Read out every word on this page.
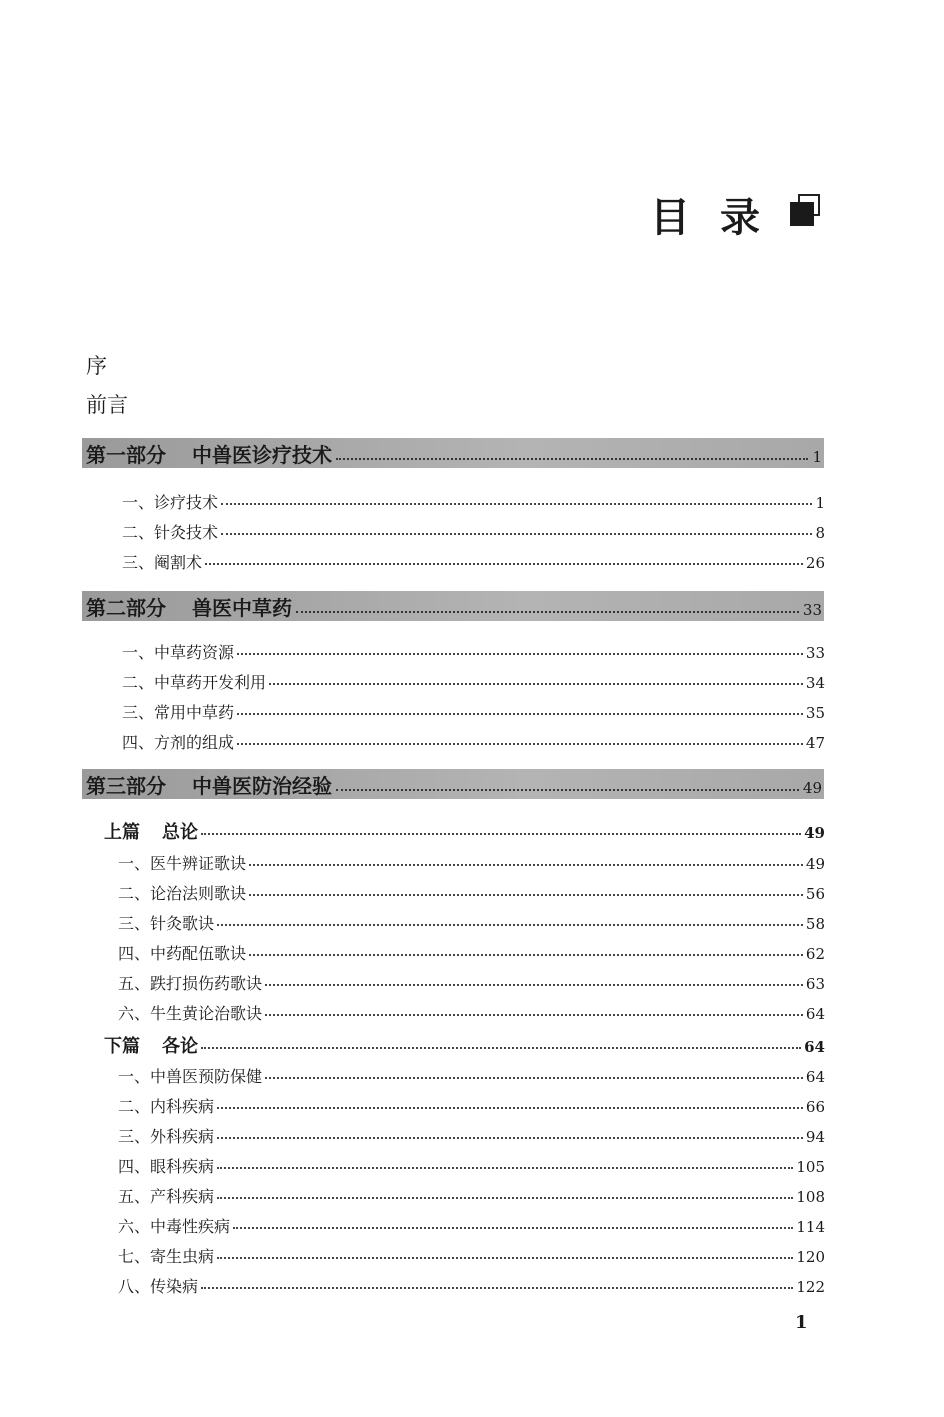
目 录
序
前言
第一部分 中兽医诊疗技术	1
一、诊疗技术	1
二、针灸技术	8
三、阉割术	26
第二部分 兽医中草药	33
一、中草药资源	33
二、中草药开发利用	34
三、常用中草药	35
四、方剂的组成	47
第三部分 中兽医防治经验	49
上篇 总论	49
一、医牛辨证歌诀	49
二、论治法则歌诀	56
三、针灸歌诀	58
四、中药配伍歌诀	62
五、跌打损伤药歌诀	63
六、牛生黄论治歌诀	64
下篇 各论	64
一、中兽医预防保健	64
二、内科疾病	66
三、外科疾病	94
四、眼科疾病	105
五、产科疾病	108
六、中毒性疾病	114
七、寄生虫病	120
八、传染病	122
1
